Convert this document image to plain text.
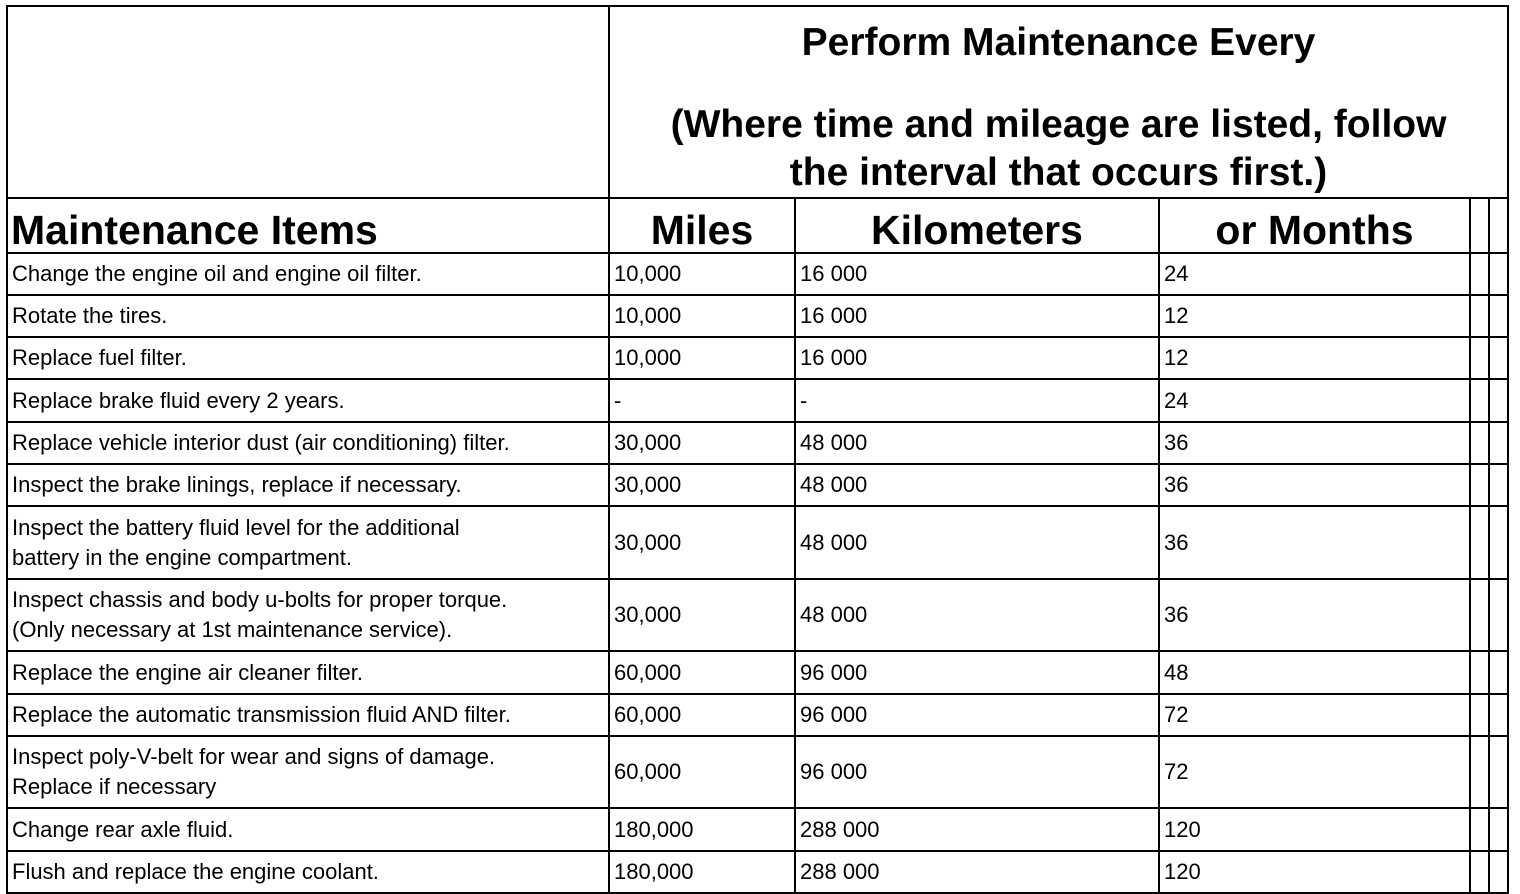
	Perform Maintenance Every
(Where time and mileage are listed, follow
the interval that occurs first.)				

Maintenance Items	Miles	Kilometers	or Months		
Change the engine oil and engine oil filter.	10,000	16 000	24		
Rotate the tires.	10,000	16 000	12		
Replace fuel filter.	10,000	16 000	12		
Replace brake fluid every 2 years.	-	-	24		
Replace vehicle interior dust (air conditioning) filter.	30,000	48 000	36		
Inspect the brake linings, replace if necessary.	30,000	48 000	36		
Inspect the battery fluid level for the additional
battery in the engine compartment.	30,000	48 000	36		
Inspect chassis and body u-bolts for proper torque.
(Only necessary at 1st maintenance service).	30,000	48 000	36		
Replace the engine air cleaner filter.	60,000	96 000	48		
Replace the automatic transmission fluid AND filter.	60,000	96 000	72		
Inspect poly-V-belt for wear and signs of damage.
Replace if necessary	60,000	96 000	72		
Change rear axle fluid.	180,000	288 000	120		
Flush and replace the engine coolant.	180,000	288 000	120		
